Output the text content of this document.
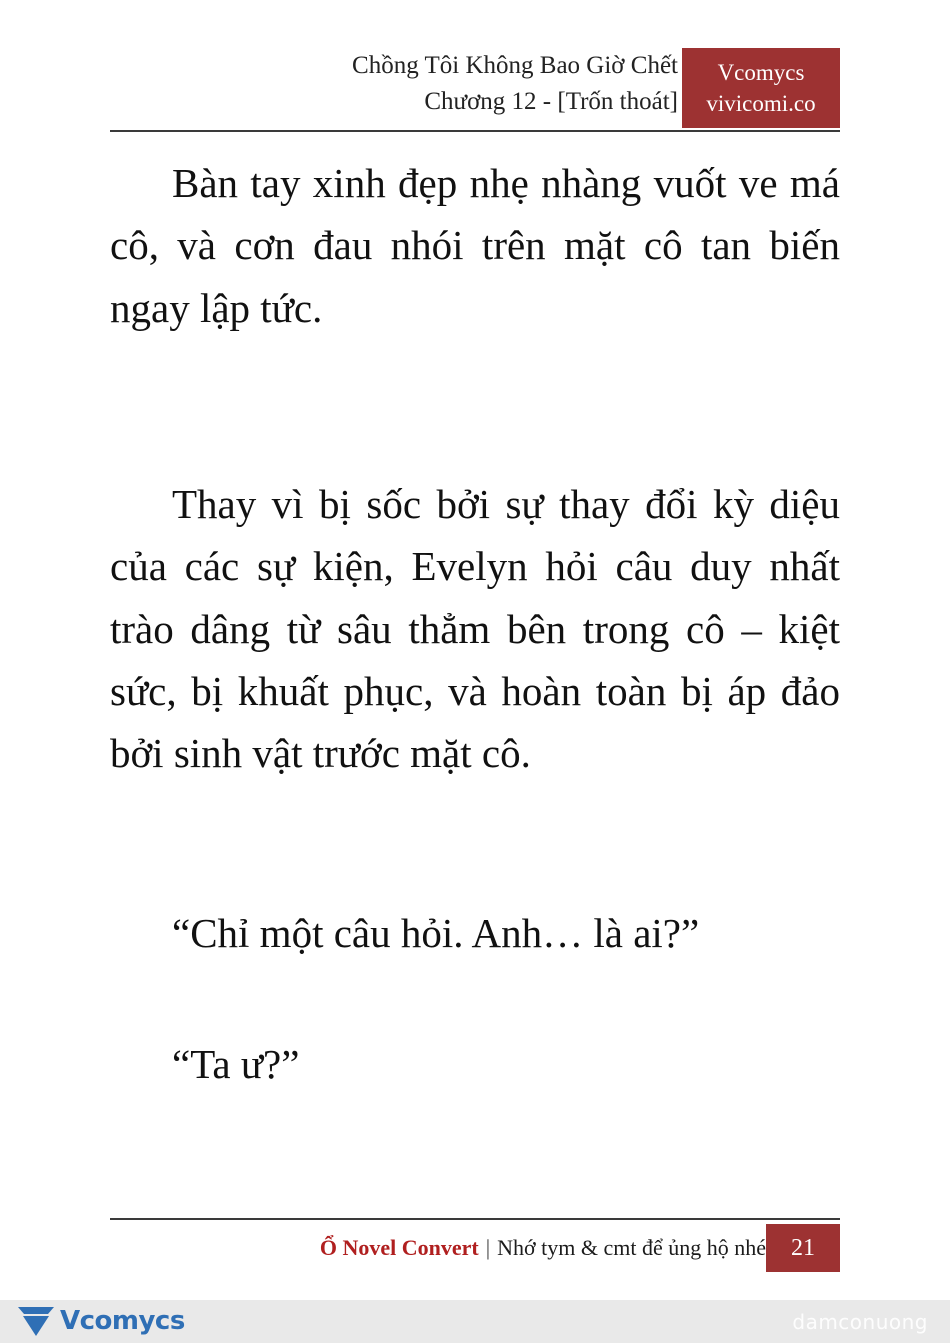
Chồng Tôi Không Bao Giờ Chết
Chương 12 - [Trốn thoát]
Vcomycs
vivicomi.co

Bàn tay xinh đẹp nhẹ nhàng vuốt ve má cô, và cơn đau nhói trên mặt cô tan biến ngay lập tức.

Thay vì bị sốc bởi sự thay đổi kỳ diệu của các sự kiện, Evelyn hỏi câu duy nhất trào dâng từ sâu thẳm bên trong cô – kiệt sức, bị khuất phục, và hoàn toàn bị áp đảo bởi sinh vật trước mặt cô.

“Chỉ một câu hỏi. Anh… là ai?”

“Ta ư?”

Ổ Novel Convert | Nhớ tym & cmt để ủng hộ nhé	21
Vcomycs	damconuong
